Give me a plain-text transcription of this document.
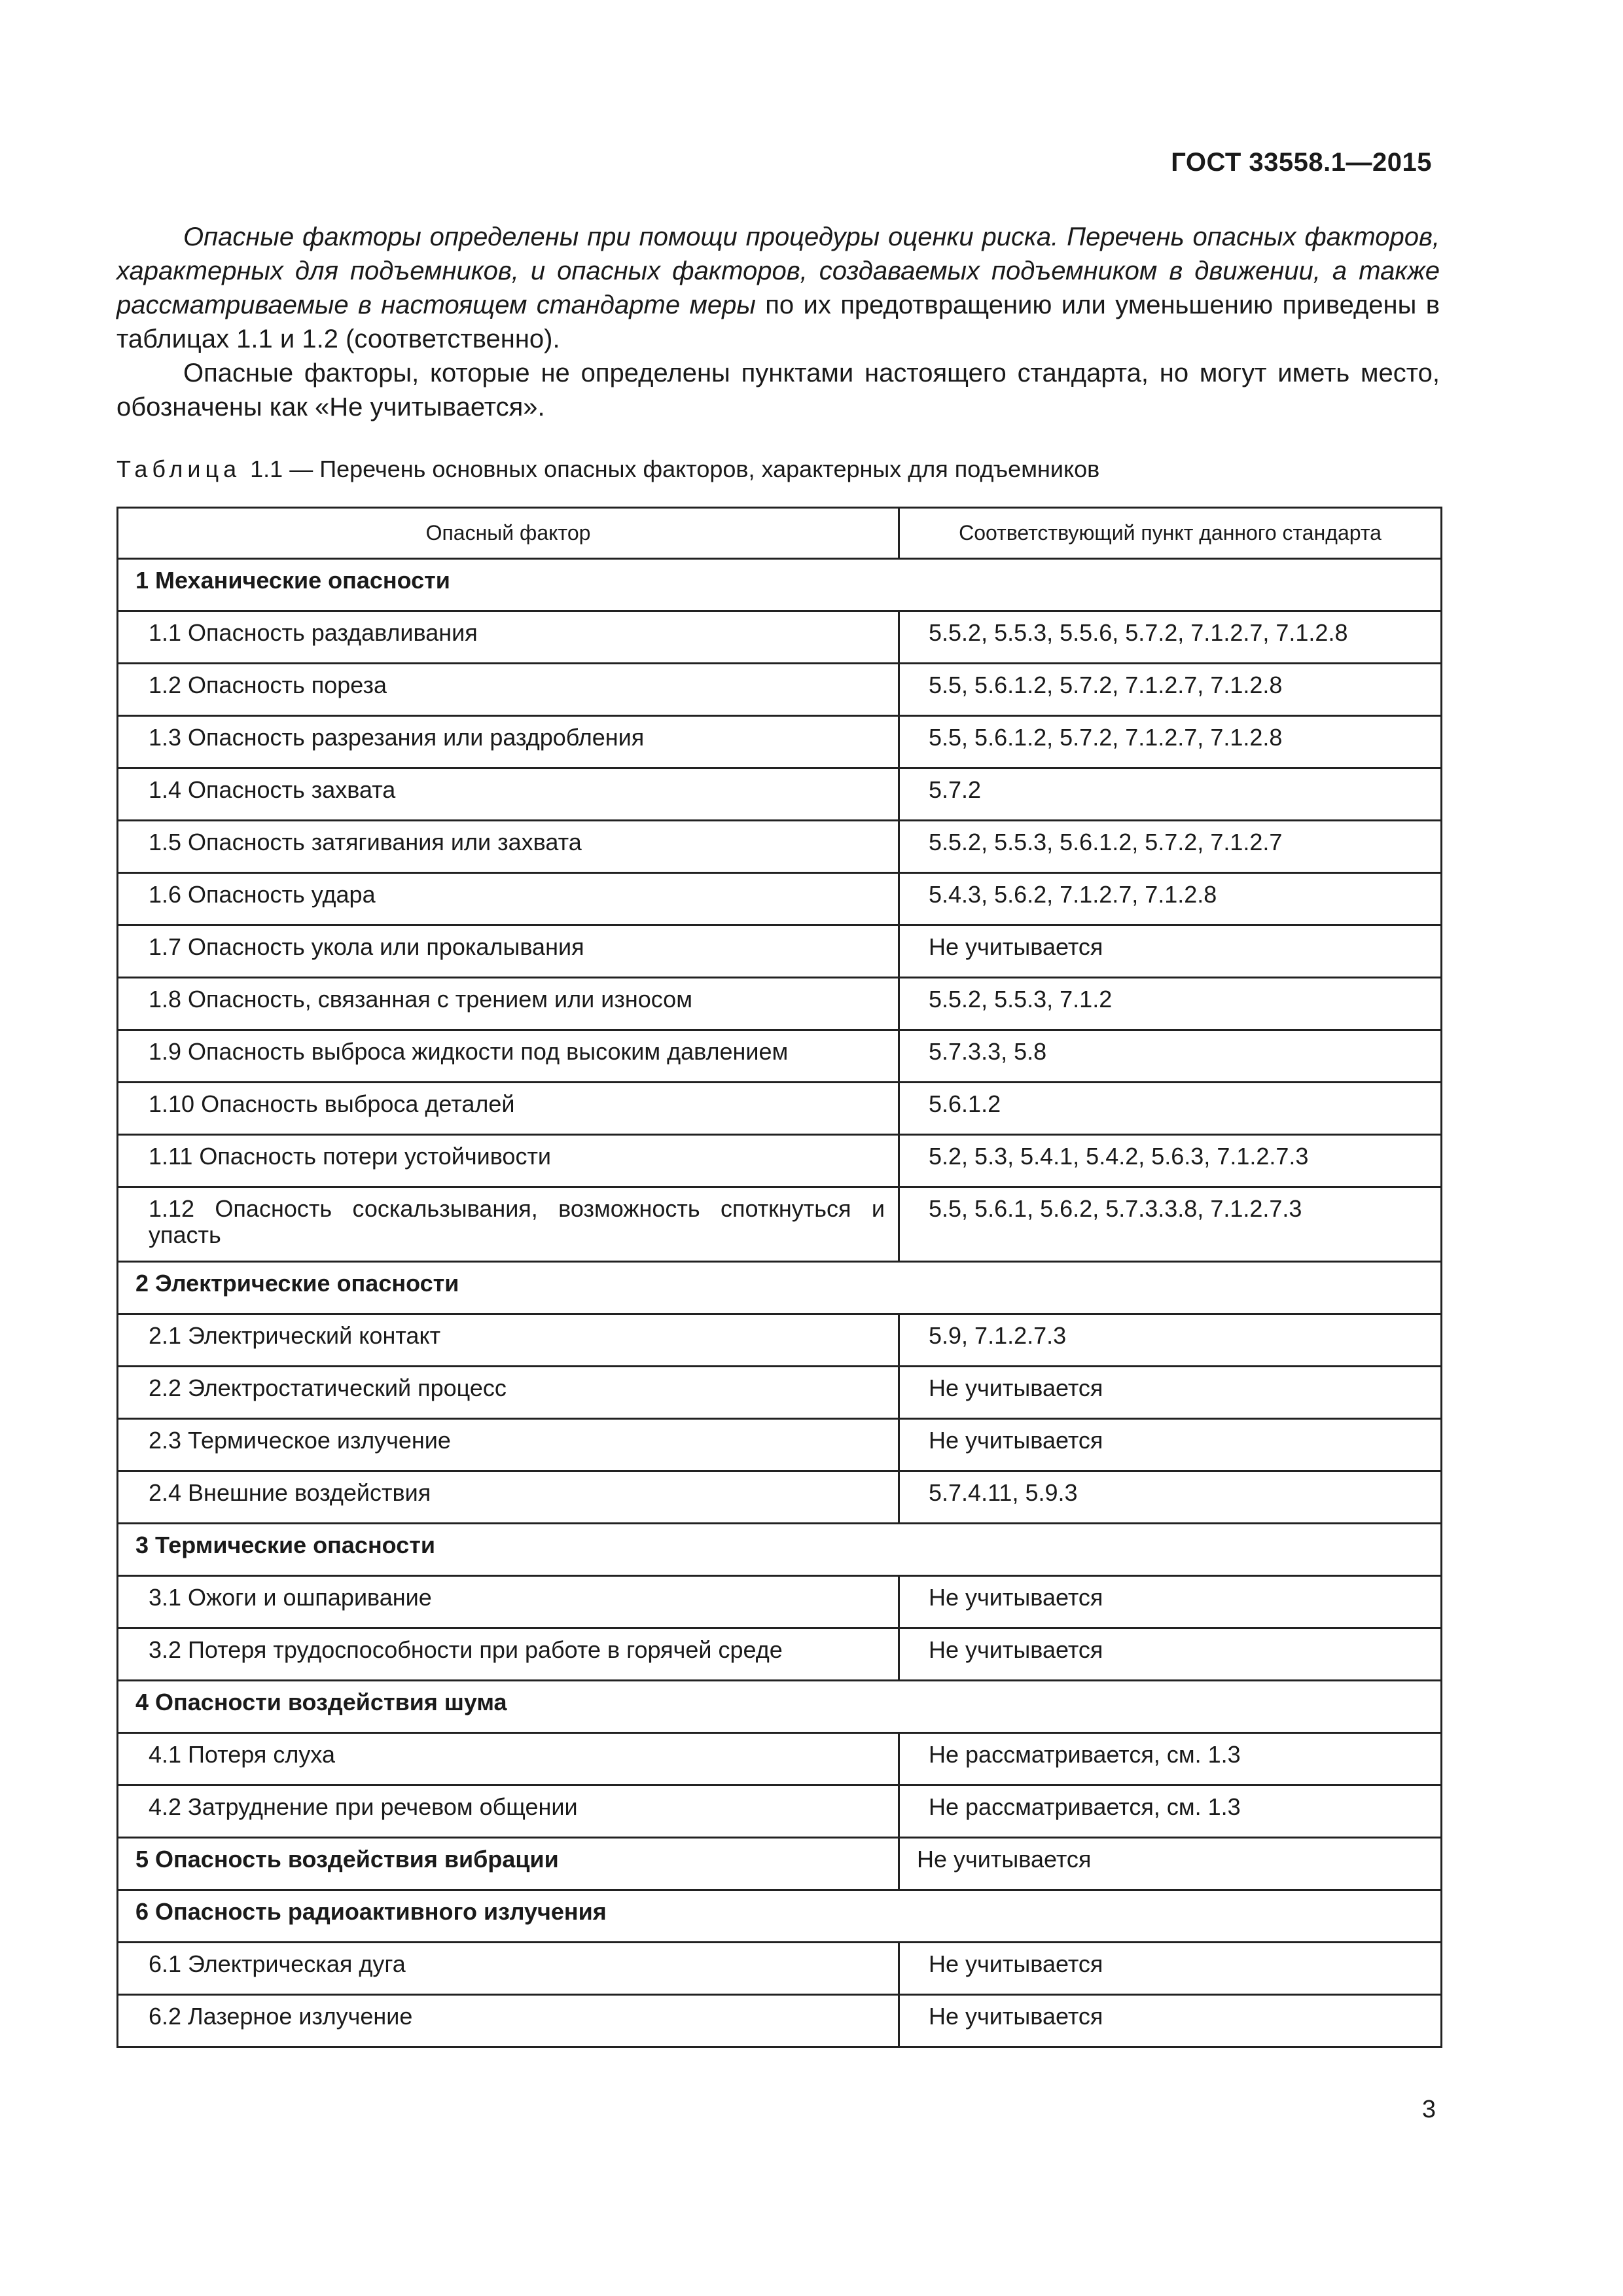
ГОСТ 33558.1—2015

Опасные факторы определены при помощи процедуры оценки риска. Перечень опасных факторов, характерных для подъемников, и опасных факторов, создаваемых подъемником в движении, а также рассматриваемые в настоящем стандарте меры по их предотвращению или уменьшению приведены в таблицах 1.1 и 1.2 (соответственно).

Опасные факторы, которые не определены пунктами настоящего стандарта, но могут иметь место, обозначены как «Не учитывается».

Таблица 1.1 — Перечень основных опасных факторов, характерных для подъемников
Опасный фактор	Соответствующий пункт данного стандарта
1 Механические опасности	
1.1 Опасность раздавливания	5.5.2, 5.5.3, 5.5.6, 5.7.2, 7.1.2.7, 7.1.2.8
1.2 Опасность пореза	5.5, 5.6.1.2, 5.7.2, 7.1.2.7, 7.1.2.8
1.3 Опасность разрезания или раздробления	5.5, 5.6.1.2, 5.7.2, 7.1.2.7, 7.1.2.8
1.4 Опасность захвата	5.7.2
1.5 Опасность затягивания или захвата	5.5.2, 5.5.3, 5.6.1.2, 5.7.2, 7.1.2.7
1.6 Опасность удара	5.4.3, 5.6.2, 7.1.2.7, 7.1.2.8
1.7 Опасность укола или прокалывания	Не учитывается
1.8 Опасность, связанная с трением или износом	5.5.2, 5.5.3, 7.1.2
1.9 Опасность выброса жидкости под высоким давлением	5.7.3.3, 5.8
1.10 Опасность выброса деталей	5.6.1.2
1.11 Опасность потери устойчивости	5.2, 5.3, 5.4.1, 5.4.2, 5.6.3, 7.1.2.7.3
1.12 Опасность соскальзывания, возможность споткнуться и упасть	5.5, 5.6.1, 5.6.2, 5.7.3.3.8, 7.1.2.7.3
2 Электрические опасности	
2.1 Электрический контакт	5.9, 7.1.2.7.3
2.2 Электростатический процесс	Не учитывается
2.3 Термическое излучение	Не учитывается
2.4 Внешние воздействия	5.7.4.11, 5.9.3
3 Термические опасности	
3.1 Ожоги и ошпаривание	Не учитывается
3.2 Потеря трудоспособности при работе в горячей среде	Не учитывается
4 Опасности воздействия шума	
4.1 Потеря слуха	Не рассматривается, см. 1.3
4.2 Затруднение при речевом общении	Не рассматривается, см. 1.3
5 Опасность воздействия вибрации	Не учитывается
6 Опасность радиоактивного излучения	
6.1 Электрическая дуга	Не учитывается
6.2 Лазерное излучение	Не учитывается
3
